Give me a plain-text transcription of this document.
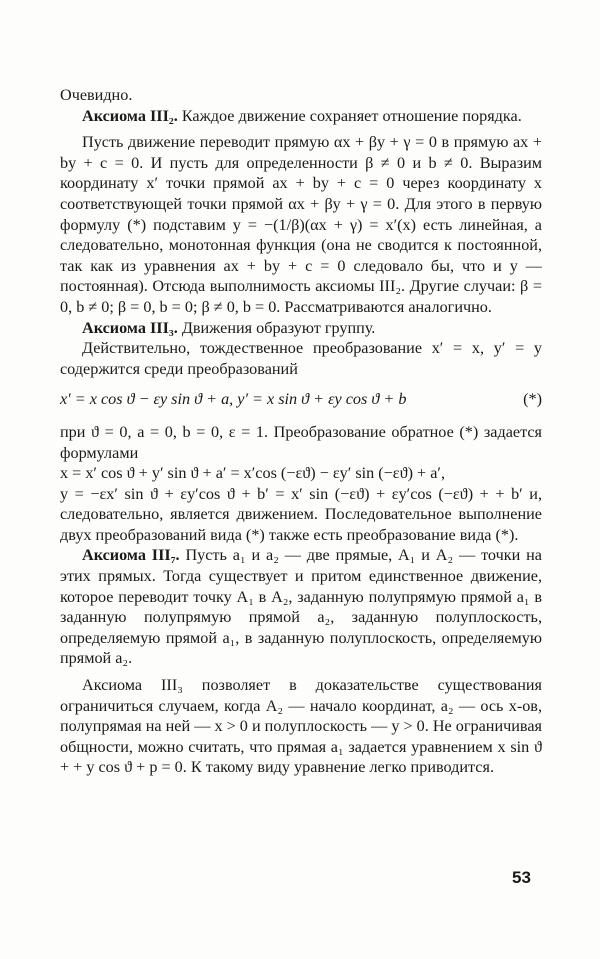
Очевидно.

Аксиома III₂. Каждое движение сохраняет отношение порядка.

Пусть движение переводит прямую αx + βy + γ = 0 в прямую ax + by + c = 0. И пусть для определенности β ≠ 0 и b ≠ 0. Выразим координату x′ точки прямой ax + by + c = 0 через координату x соответствующей точки прямой αx + βy + γ = 0. Для этого в первую формулу (*) подставим y = −(1/β)(αx + γ) = x′(x) есть линейная, а следовательно, монотонная функция (она не сводится к постоянной, так как из уравнения ax + by + c = 0 следовало бы, что и y — постоянная). Отсюда выполнимость аксиомы III₂. Другие случаи: β = 0, b ≠ 0; β = 0, b = 0; β ≠ 0, b = 0. Рассматриваются аналогично.

Аксиома III₃. Движения образуют группу.

Действительно, тождественное преобразование x′ = x, y′ = y содержится среди преобразований

x′ = x cos ϑ − εy sin ϑ + a, y′ = x sin ϑ + εy cos ϑ + b	(*)

при ϑ = 0, a = 0, b = 0, ε = 1. Преобразование обратное (*) задается формулами

x = x′ cos ϑ + y′ sin ϑ + a′ = x′cos (−εϑ) − εy′ sin (−εϑ) + a′,

y = −εx′ sin ϑ + εy′cos ϑ + b′ = x′ sin (−εϑ) + εy′cos (−εϑ) + + b′ и, следовательно, является движением. Последовательное выполнение двух преобразований вида (*) также есть преобразование вида (*).

Аксиома III₇. Пусть a₁ и a₂ — две прямые, A₁ и A₂ — точки на этих прямых. Тогда существует и притом единственное движение, которое переводит точку A₁ в A₂, заданную полупрямую прямой a₁ в заданную полупрямую прямой a₂, заданную полуплоскость, определяемую прямой a₁, в заданную полуплоскость, определяемую прямой a₂.

Аксиома III₃ позволяет в доказательстве существования ограничиться случаем, когда A₂ — начало координат, a₂ — ось x-ов, полупрямая на ней — x > 0 и полуплоскость — y > 0. Не ограничивая общности, можно считать, что прямая a₁ задается уравнением x sin ϑ + + y cos ϑ + p = 0. К такому виду уравнение легко приводится.

53
